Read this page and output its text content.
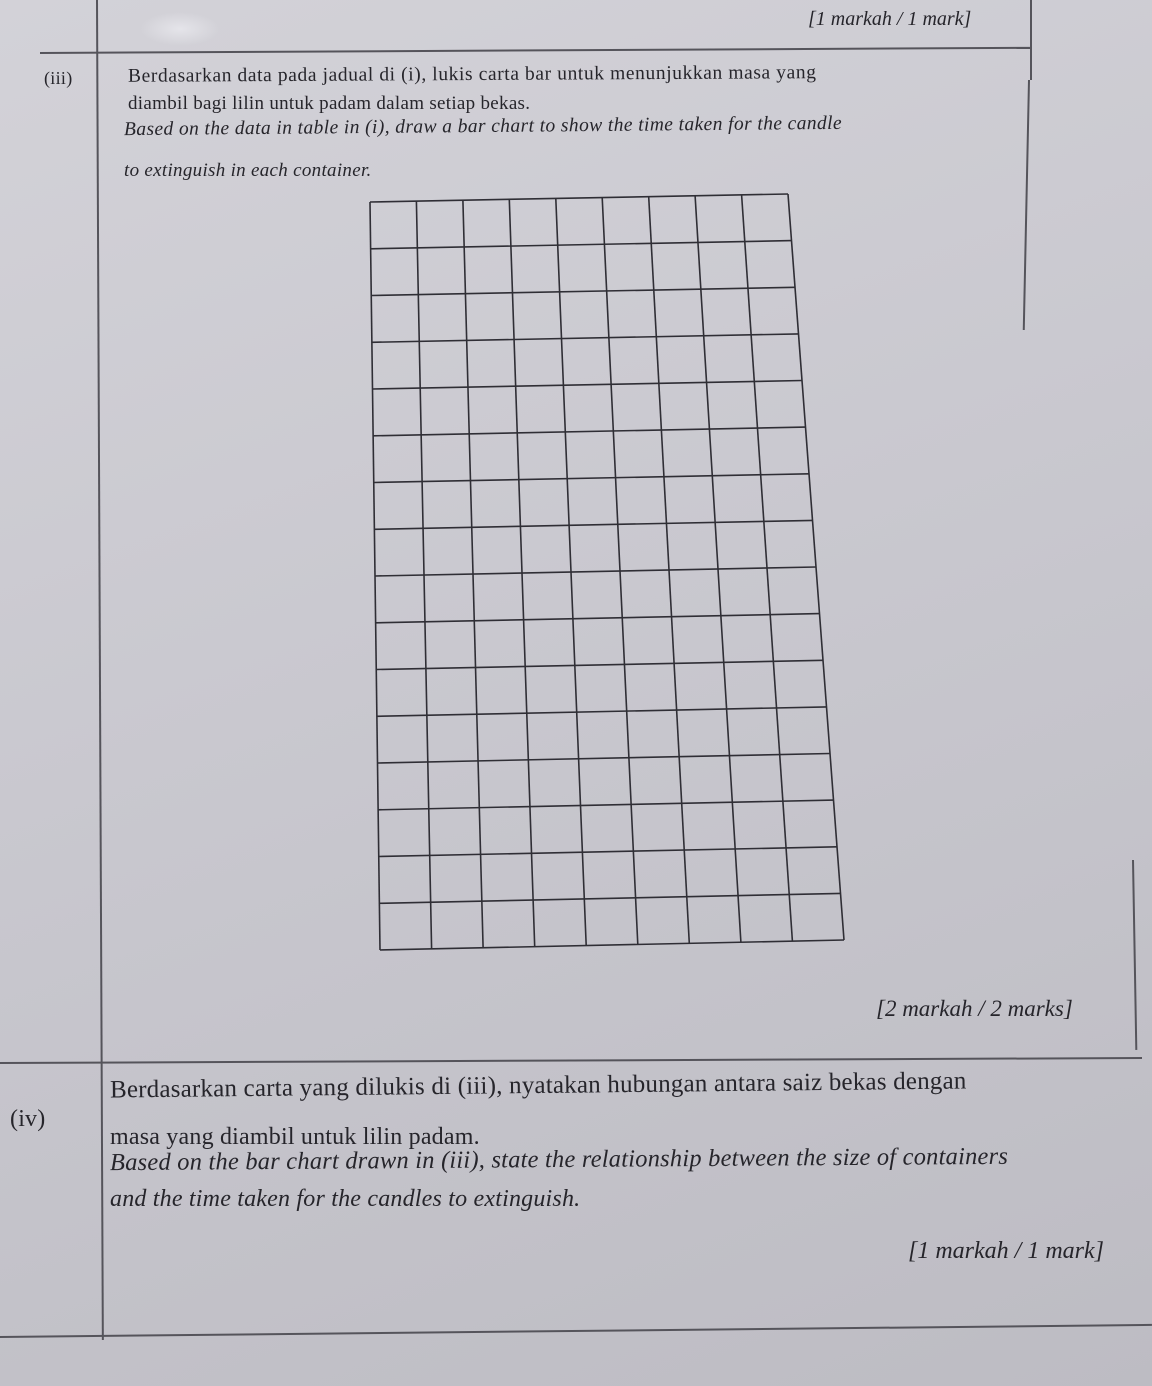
[1 markah / 1 mark]
(iii)	Berdasarkan data pada jadual di (i), lukis carta bar untuk menunjukkan masa yang
diambil bagi lilin untuk padam dalam setiap bekas.
Based on the data in table in (i), draw a bar chart to show the time taken for the candle
to extinguish in each container.
[2 markah / 2 marks]
(iv)
Berdasarkan carta yang dilukis di (iii), nyatakan hubungan antara saiz bekas dengan
masa yang diambil untuk lilin padam.
Based on the bar chart drawn in (iii), state the relationship between the size of containers
and the time taken for the candles to extinguish.
[1 markah / 1 mark]
